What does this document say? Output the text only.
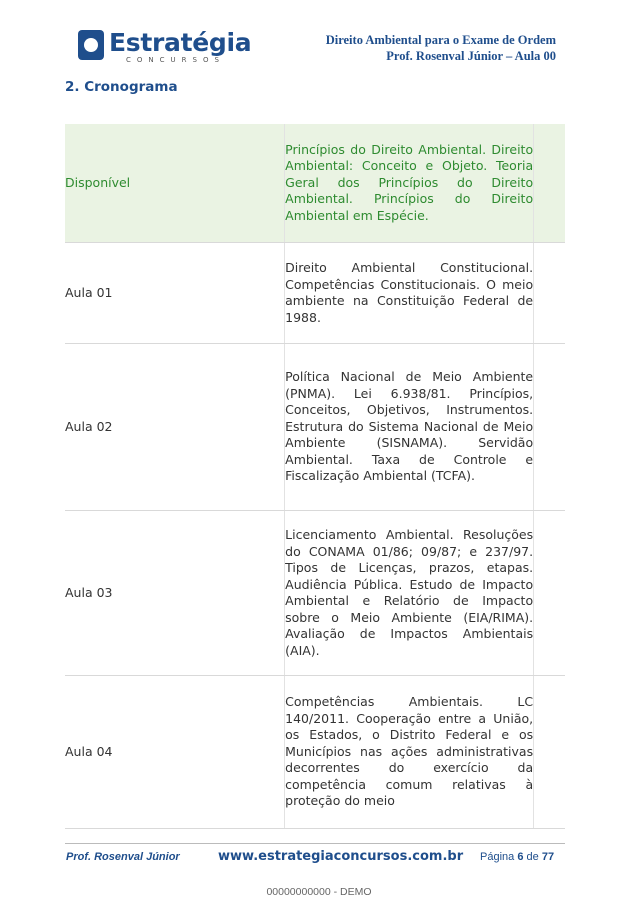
Estratégia
CONCURSOS
Direito Ambiental para o Exame de Ordem
Prof. Rosenval Júnior – Aula 00
2. Cronograma
Disponível	Princípios do Direito Ambiental. Direito Ambiental: Conceito e Objeto. Teoria Geral dos Princípios do Direito Ambiental. Princípios do Direito Ambiental em Espécie.	
Aula 01	Direito Ambiental Constitucional. Competências Constitucionais. O meio ambiente na Constituição Federal de 1988.	
Aula 02	Política Nacional de Meio Ambiente (PNMA). Lei 6.938/81. Princípios, Conceitos, Objetivos, Instrumentos. Estrutura do Sistema Nacional de Meio Ambiente (SISNAMA). Servidão Ambiental. Taxa de Controle e Fiscalização Ambiental (TCFA).	
Aula 03	Licenciamento Ambiental. Resoluções do CONAMA 01/86; 09/87; e 237/97. Tipos de Licenças, prazos, etapas. Audiência Pública. Estudo de Impacto Ambiental e Relatório de Impacto sobre o Meio Ambiente (EIA/RIMA). Avaliação de Impactos Ambientais (AIA).	
Aula 04	Competências Ambientais. LC 140/2011. Cooperação entre a União, os Estados, o Distrito Federal e os Municípios nas ações administrativas decorrentes do exercício da competência comum relativas à proteção do meio	
Prof. Rosenval Júnior	www.estrategiaconcursos.com.br Página 6 de 77
00000000000 - DEMO
